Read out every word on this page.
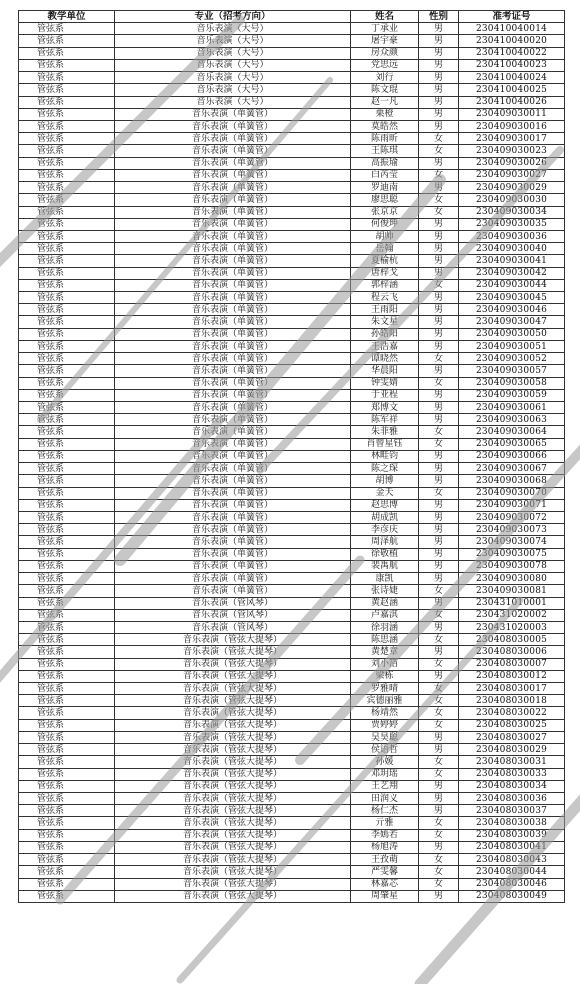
教学单位	专业（招考方向）	姓名	性别	准考证号
管弦系	音乐表演（大号）	丁承业	男	230410040014
管弦系	音乐表演（大号）	屠宇豪	男	230410040020
管弦系	音乐表演（大号）	房众颜	男	230410040022
管弦系	音乐表演（大号）	党思远	男	230410040023
管弦系	音乐表演（大号）	刘行	男	230410040024
管弦系	音乐表演（大号）	陈文琨	男	230410040025
管弦系	音乐表演（大号）	赵一凡	男	230410040026
管弦系	音乐表演（单簧管）	栗橙	男	230409030011
管弦系	音乐表演（单簧管）	莫皓然	男	230409030016
管弦系	音乐表演（单簧管）	陈雨昕	女	230409030017
管弦系	音乐表演（单簧管）	王陈琪	女	230409030023
管弦系	音乐表演（单簧管）	高振瑜	男	230409030026
管弦系	音乐表演（单簧管）	白芮莹	女	230409030027
管弦系	音乐表演（单簧管）	罗迪南	男	230409030029
管弦系	音乐表演（单簧管）	廖思聪	女	230409030030
管弦系	音乐表演（单簧管）	张京京	女	230409030034
管弦系	音乐表演（单簧管）	何俊珅	男	230409030035
管弦系	音乐表演（单簧管）	胡帅	男	230409030036
管弦系	音乐表演（单簧管）	岳翰	男	230409030040
管弦系	音乐表演（单簧管）	夏榆杭	男	230409030041
管弦系	音乐表演（单簧管）	唐梓戈	男	230409030042
管弦系	音乐表演（单簧管）	郭梓涵	女	230409030044
管弦系	音乐表演（单簧管）	程云飞	男	230409030045
管弦系	音乐表演（单簧管）	王雨阳	男	230409030046
管弦系	音乐表演（单簧管）	朱文星	男	230409030047
管弦系	音乐表演（单簧管）	孙皓阳	男	230409030050
管弦系	音乐表演（单簧管）	王浩嘉	男	230409030051
管弦系	音乐表演（单簧管）	谭晓然	女	230409030052
管弦系	音乐表演（单簧管）	华晨阳	男	230409030057
管弦系	音乐表演（单簧管）	钟雯婧	女	230409030058
管弦系	音乐表演（单簧管）	于亚程	男	230409030059
管弦系	音乐表演（单簧管）	郑博文	男	230409030061
管弦系	音乐表演（单簧管）	陈军祥	男	230409030063
管弦系	音乐表演（单簧管）	朱菲雅	女	230409030064
管弦系	音乐表演（单簧管）	肖曾星钰	女	230409030065
管弦系	音乐表演（单簧管）	林畦钧	男	230409030066
管弦系	音乐表演（单簧管）	陈之琛	男	230409030067
管弦系	音乐表演（单簧管）	胡博	男	230409030068
管弦系	音乐表演（单簧管）	金天	女	230409030070
管弦系	音乐表演（单簧管）	赵思博	男	230409030071
管弦系	音乐表演（单簧管）	胡成凯	男	230409030072
管弦系	音乐表演（单簧管）	李彦庆	男	230409030073
管弦系	音乐表演（单簧管）	周泽航	男	230409030074
管弦系	音乐表演（单簧管）	徐敬植	男	230409030075
管弦系	音乐表演（单簧管）	裴禹航	男	230409030078
管弦系	音乐表演（单簧管）	康凯	男	230409030080
管弦系	音乐表演（单簧管）	张诗婕	女	230409030081
管弦系	音乐表演（管风琴）	黄赵涵	男	230431010001
管弦系	音乐表演（管风琴）	卢嘉淇	女	230431020002
管弦系	音乐表演（管风琴）	徐羽涵	男	230431020003
管弦系	音乐表演（管弦大提琴）	陈思涵	女	230408030005
管弦系	音乐表演（管弦大提琴）	黄楚章	男	230408030006
管弦系	音乐表演（管弦大提琴）	刘小箔	女	230408030007
管弦系	音乐表演（管弦大提琴）	梁栋	男	230408030012
管弦系	音乐表演（管弦大提琴）	罗雅晴	女	230408030017
管弦系	音乐表演（管弦大提琴）	宾德丽雅	女	230408030018
管弦系	音乐表演（管弦大提琴）	杨靖然	女	230408030022
管弦系	音乐表演（管弦大提琴）	贾婷婷	女	230408030025
管弦系	音乐表演（管弦大提琴）	吴昊聪	男	230408030027
管弦系	音乐表演（管弦大提琴）	侯语哲	男	230408030029
管弦系	音乐表演（管弦大提琴）	孙媛	女	230408030031
管弦系	音乐表演（管弦大提琴）	邓玥瑶	女	230408030033
管弦系	音乐表演（管弦大提琴）	王艺翔	男	230408030034
管弦系	音乐表演（管弦大提琴）	田润义	男	230408030036
管弦系	音乐表演（管弦大提琴）	杨仁杰	男	230408030037
管弦系	音乐表演（管弦大提琴）	亓雅	女	230408030038
管弦系	音乐表演（管弦大提琴）	李嫣若	女	230408030039
管弦系	音乐表演（管弦大提琴）	杨旭涛	男	230408030041
管弦系	音乐表演（管弦大提琴）	王孜萌	女	230408030043
管弦系	音乐表演（管弦大提琴）	严雯馨	女	230408030044
管弦系	音乐表演（管弦大提琴）	林嘉芯	女	230408030046
管弦系	音乐表演（管弦大提琴）	周肇星	男	230408030049
